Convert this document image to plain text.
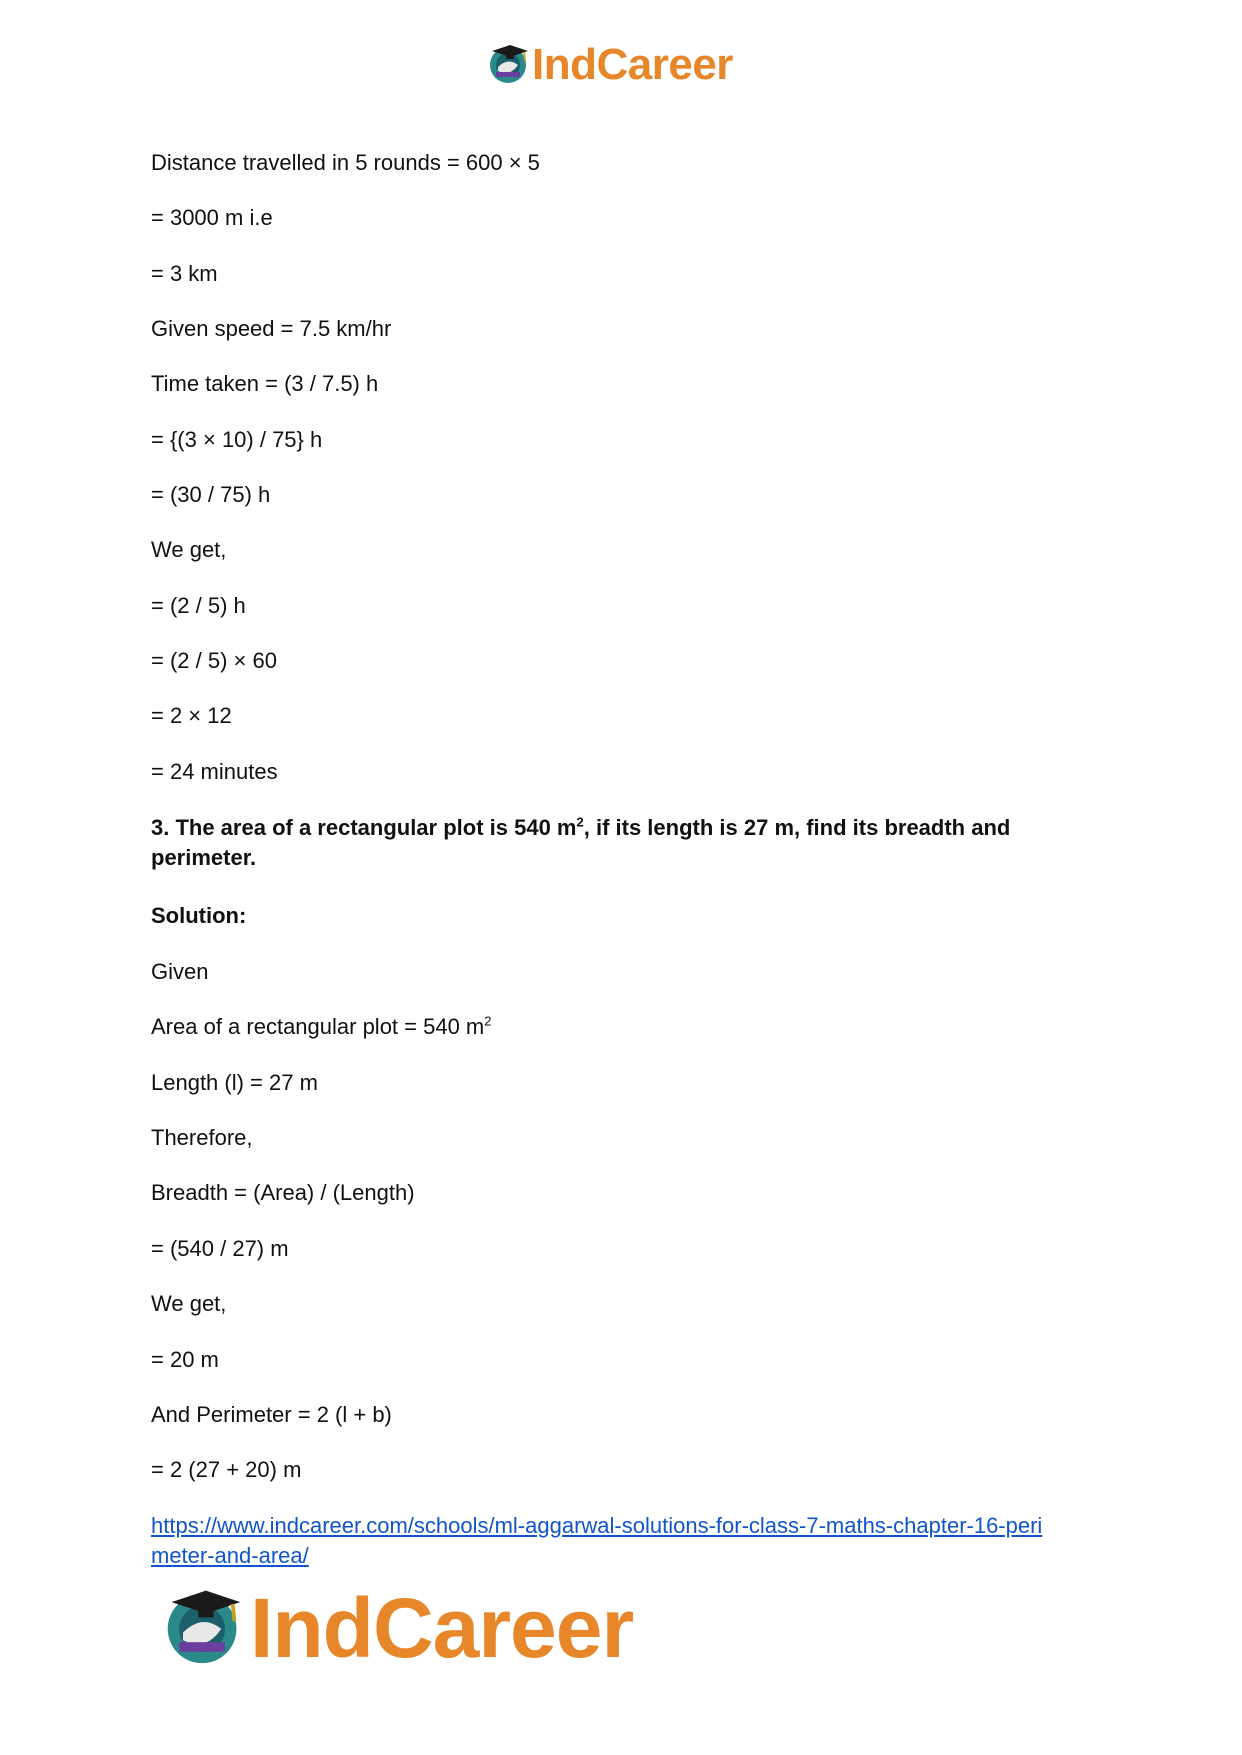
IndCareer
Distance travelled in 5 rounds = 600 × 5
= 3000 m i.e
= 3 km
Given speed = 7.5 km/hr
Time taken = (3 / 7.5) h
= {(3 × 10) / 75} h
= (30 / 75) h
We get,
= (2 / 5) h
= (2 / 5) × 60
= 2 × 12
= 24 minutes
3. The area of a rectangular plot is 540 $m^2$, if its length is 27 m, find its breadth and perimeter.
Solution:
Given
Area of a rectangular plot = 540 $m^2$
Length (l) = 27 m
Therefore,
Breadth = (Area) / (Length)
= (540 / 27) m
We get,
= 20 m
And Perimeter = 2 (l + b)
= 2 (27 + 20) m
https://www.indcareer.com/schools/ml-aggarwal-solutions-for-class-7-maths-chapter-16-peri
meter-and-area/
IndCareer
